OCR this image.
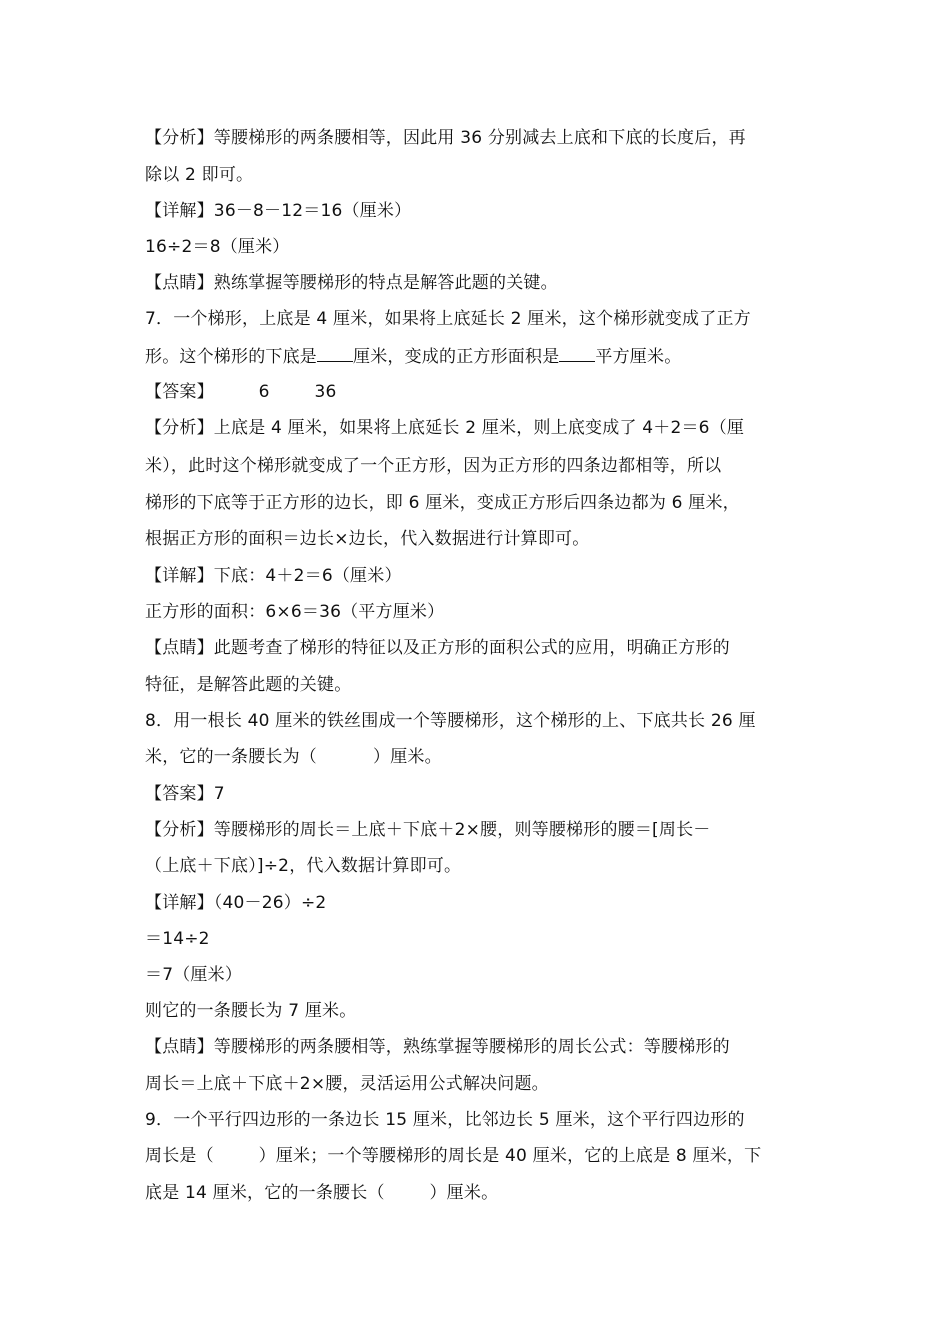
【分析】等腰梯形的两条腰相等，因此用 36 分别减去上底和下底的长度后，再
除以 2 即可。
【详解】36－8－12＝16（厘米）
16÷2＝8（厘米）
【点睛】熟练掌握等腰梯形的特点是解答此题的关键。
7．一个梯形，上底是 4 厘米，如果将上底延长 2 厘米，这个梯形就变成了正方
形。这个梯形的下底是 厘米，变成的正方形面积是 平方厘米。
【答案】        6        36
【分析】上底是 4 厘米，如果将上底延长 2 厘米，则上底变成了 4＋2＝6（厘
米），此时这个梯形就变成了一个正方形，因为正方形的四条边都相等，所以
梯形的下底等于正方形的边长，即 6 厘米，变成正方形后四条边都为 6 厘米，
根据正方形的面积＝边长×边长，代入数据进行计算即可。
【详解】下底：4＋2＝6（厘米）
正方形的面积：6×6＝36（平方厘米）
【点睛】此题考查了梯形的特征以及正方形的面积公式的应用，明确正方形的
特征，是解答此题的关键。
8．用一根长 40 厘米的铁丝围成一个等腰梯形，这个梯形的上、下底共长 26 厘
米，它的一条腰长为（          ）厘米。
【答案】7
【分析】等腰梯形的周长＝上底＋下底＋2×腰，则等腰梯形的腰＝[周长－
（上底＋下底）]÷2，代入数据计算即可。
【详解】（40－26）÷2
＝14÷2
＝7（厘米）
则它的一条腰长为 7 厘米。
【点睛】等腰梯形的两条腰相等，熟练掌握等腰梯形的周长公式：等腰梯形的
周长＝上底＋下底＋2×腰，灵活运用公式解决问题。
9．一个平行四边形的一条边长 15 厘米，比邻边长 5 厘米，这个平行四边形的
周长是（        ）厘米；一个等腰梯形的周长是 40 厘米，它的上底是 8 厘米，下
底是 14 厘米，它的一条腰长（        ）厘米。
